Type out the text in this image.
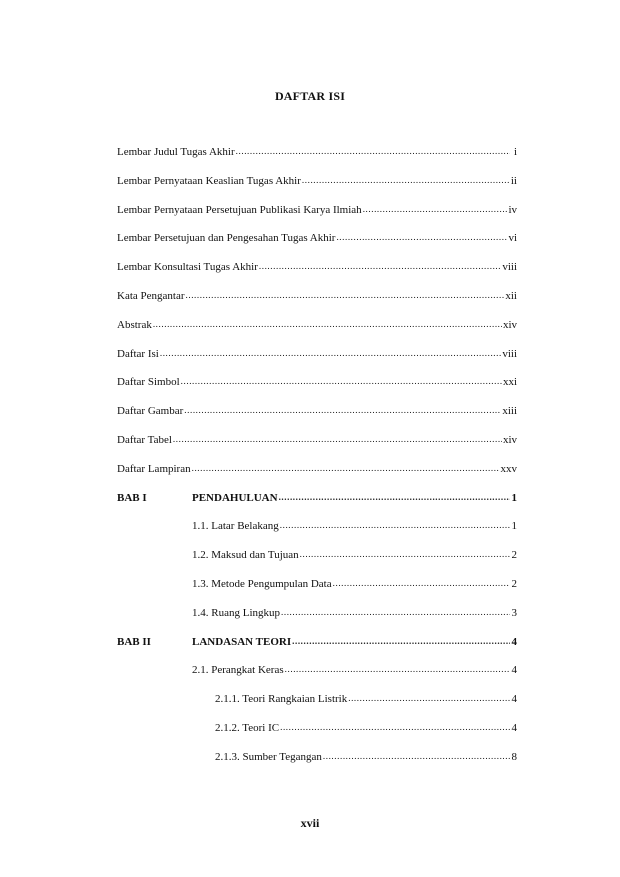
DAFTAR ISI
Lembar Judul Tugas Akhir .....	i
Lembar Pernyataan Keaslian Tugas Akhir .....	ii
Lembar Pernyataan Persetujuan Publikasi Karya Ilmiah .....	iv
Lembar Persetujuan dan Pengesahan Tugas Akhir .....	vi
Lembar Konsultasi Tugas Akhir .....	viii
Kata Pengantar .....	xii
Abstrak .....	xiv
Daftar Isi .....	viii
Daftar Simbol .....	xxi
Daftar Gambar .....	xiii
Daftar Tabel .....	xiv
Daftar Lampiran .....	xxv
BAB I	PENDAHULUAN .....	1
1.1. Latar Belakang .....	1
1.2. Maksud dan Tujuan .....	2
1.3. Metode Pengumpulan Data .....	2
1.4. Ruang Lingkup .....	3
BAB II	LANDASAN TEORI .....	4
2.1. Perangkat Keras .....	4
2.1.1. Teori Rangkaian Listrik .....	4
2.1.2. Teori IC .....	4
2.1.3. Sumber Tegangan .....	8
xvii
